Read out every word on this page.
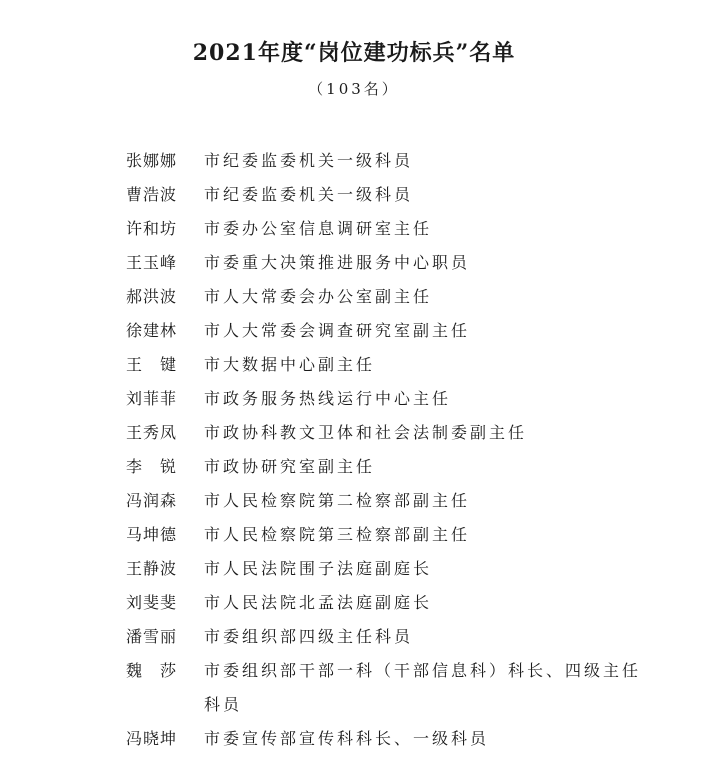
2021年度“岗位建功标兵”名单
（103名）
张娜娜	市纪委监委机关一级科员
曹浩波	市纪委监委机关一级科员
许和坊	市委办公室信息调研室主任
王玉峰	市委重大决策推进服务中心职员
郝洪波	市人大常委会办公室副主任
徐建林	市人大常委会调查研究室副主任
王　键	市大数据中心副主任
刘菲菲	市政务服务热线运行中心主任
王秀凤	市政协科教文卫体和社会法制委副主任
李　锐	市政协研究室副主任
冯润森	市人民检察院第二检察部副主任
马坤德	市人民检察院第三检察部副主任
王静波	市人民法院围子法庭副庭长
刘斐斐	市人民法院北孟法庭副庭长
潘雪丽	市委组织部四级主任科员
魏　莎	市委组织部干部一科（干部信息科）科长、四级主任科员
冯晓坤	市委宣传部宣传科科长、一级科员
